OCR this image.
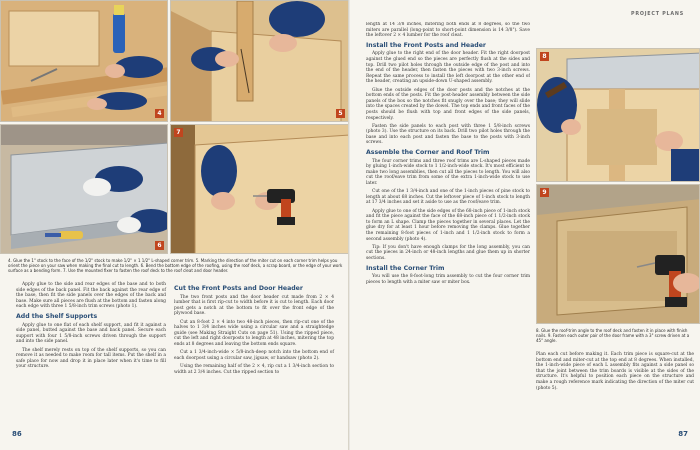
4	5
6
7
4. Glue the 1" stock to the face of the 1/2" stock to make 1/2" × 1 1/2" L-shaped corner trim. 5. Marking the direction of the miter cut on each corner trim helps you orient the piece on your saw when making the final cut to length. 6. Bend the bottom edge of the roofing, using the roof deck, a scrap board, or the edge of your work surface as a bending form. 7. Use the mounted fixer to fasten the roof deck to the roof cleat and door header.

Apply glue to the side and rear edges of the base and to both side edges of the back panel. Fit the back against the rear edge of the base, then fit the side panels over the edges of the back and base. Make sure all pieces are flush at the bottom and fasten along each edge with three 1 5/8-inch trim screws (photo 1).

Add the Shelf Supports

Apply glue to one flat of each shelf support, and fit it against a side panel, butted against the base and back panel. Secure each support with four 1 5/8-inch screws driven through the support and into the side panel.

The shelf merely rests on top of the shelf supports, so you can remove it as needed to make room for tall items. Put the shelf in a safe place for now and drop it in place later when it's time to fill your structure.

Cut the Front Posts and Door Header

The two front posts and the door header cut made from 2 × 4 lumber that is first rip-cut to width before it is cut to length. Each door post gets a notch at the bottom to fit over the front edge of the plywood base.

Cut an 8-foot 2 × 4 into two 48-inch pieces, then rip-cut one of the halves to 1 3/4 inches wide using a circular saw and a straightedge guide (see Making Straight Cuts on page 51). Using the ripped piece, cut the left and right doorposts to length at 48 inches, mitering the top ends at 8 degrees and leaving the bottom ends square.

Cut a 1 3/4-inch-wide × 5/8-inch-deep notch into the bottom end of each doorpost using a circular saw, jigsaw, or handsaw (photo 2).

Using the remaining half of the 2 × 4, rip cut a 1 3/4-inch section to width at 2 3/4 inches. Cut the ripped section to

86
PROJECT PLANS

length at 14 3/8 inches, mitering both ends at 8 degrees, so the two miters are parallel (long-point to short-point dimension is 14 3/8"). Save the leftover 2 × 4 lumber for the roof cleat.

Install the Front Posts and Header

Apply glue to the right end of the door header. Fit the right doorpost against the glued end so the pieces are perfectly flush at the sides and top. Drill two pilot holes through the outside edge of the post and into the end of the header, then fasten the pieces with two 3-inch screws. Repeat the same process to install the left doorpost at the other end of the header, creating an upside-down U-shaped assembly.

Glue the outside edges of the door posts and the notches at the bottom ends of the posts. Fit the post-header assembly between the side panels of the box so the notches fit snugly over the base; they will slide into the spaces created by the dowel. The top ends and front faces of the posts should be flush with top and front edges of the side panels, respectively.

Fasten the side panels to each post with three 1 5/8-inch screws (photo 3). Use the structure on its back. Drill two pilot holes through the base and into each post and fasten the base to the posts with 3-inch screws.

Assemble the Corner and Roof Trim

The four corner trims and three roof trims are L-shaped pieces made by gluing 1-inch-wide stock to 1 1/2-inch-wide stock. It's most efficient to make two long assemblies, then cut all the pieces to length. You will also cut the roof/eave trim from some of the extra 1-inch-wide stock to use later.

Cut one of the 1 3/4-inch and one of the 1-inch pieces of pine stock to length at about 68 inches. Cut the leftover piece of 1-inch stock to length at 17 3/4 inches and set it aside to use as the roof/eave trim.

Apply glue to one of the side edges of the 68-inch piece of 1-inch stock and fit the piece against the face of the 68-inch piece of 1 1/2-inch stock to form an L shape. Clamp the pieces together in several places. Let the glue dry for at least 1 hour before removing the clamps. Glue together the remaining 8-foot pieces of 1-inch and 1 1/2-inch stock to form a second assembly (photo 4).

Tip: If you don't have enough clamps for the long assembly, you can cut the pieces in 24-inch or 48-inch lengths and glue them up in shorter sections.

Install the Corner Trim

You will use the 8-foot-long trim assembly to cut the four corner trim pieces to length with a miter saw or miter box.

8
9
8. Glue the roof-trim angle to the roof deck and fasten it in place with finish nails. 9. Fasten each outer pair of the door frame with a 3" screw driven at a 45° angle.

Plan each cut before making it. Each trim piece is square-cut at the bottom end and miter-cut at the top end at 8 degrees. When installed, the 1-inch-wide piece of each L assembly fits against a side panel so that the joint between the trim boards is visible at the sides of the structure. It's helpful to position each piece on the structure and make a rough reference mark indicating the direction of the miter cut (photo 5).

87
